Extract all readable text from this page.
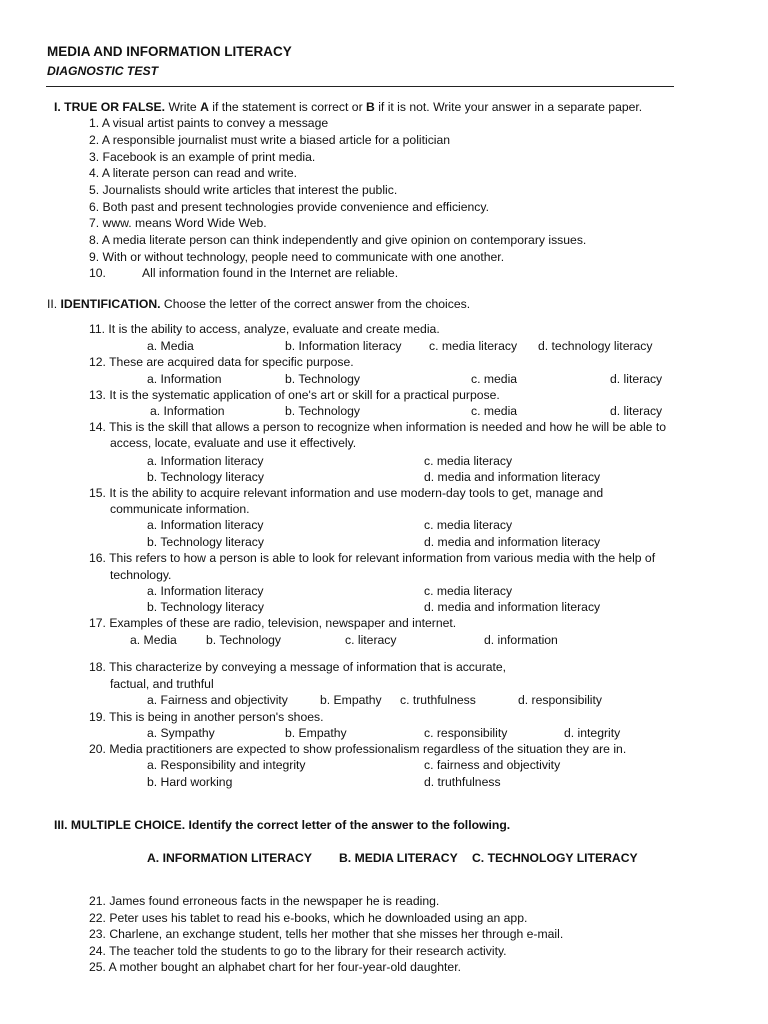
MEDIA AND INFORMATION LITERACY
DIAGNOSTIC TEST
I. TRUE OR FALSE. Write A if the statement is correct or B if it is not. Write your answer in a separate paper.
1. A visual artist paints to convey a message
2. A responsible journalist must write a biased article for a politician
3. Facebook is an example of print media.
4. A literate person can read and write.
5. Journalists should write articles that interest the public.
6. Both past and present technologies provide convenience and efficiency.
7. www. means Word Wide Web.
8. A media literate person can think independently and give opinion on contemporary issues.
9. With or without technology, people need to communicate with one another.
10.	All information found in the Internet are reliable.
II. IDENTIFICATION. Choose the letter of the correct answer from the choices.
11. It is the ability to access, analyze, evaluate and create media.
a. Media	b. Information literacy c. media literacy d. technology literacy
12. These are acquired data for specific purpose.
a. Information	b. Technology	c. media	d. literacy
13. It is the systematic application of one's art or skill for a practical purpose.
a. Information	b. Technology	c. media	d. literacy
14. This is the skill that allows a person to recognize when information is needed and how he will be able to
access, locate, evaluate and use it effectively.
a. Information literacy	c. media literacy
b. Technology literacy	d. media and information literacy
15. It is the ability to acquire relevant information and use modern-day tools to get, manage and
communicate information.
a. Information literacy	c. media literacy
b. Technology literacy	d. media and information literacy
16. This refers to how a person is able to look for relevant information from various media with the help of
technology.
a. Information literacy	c. media literacy
b. Technology literacy	d. media and information literacy
17. Examples of these are radio, television, newspaper and internet.
a. Media b. Technology	c. literacy	d. information
18. This characterize by conveying a message of information that is accurate,
factual, and truthful
a. Fairness and objectivity	b. Empathy c. truthfulness	d. responsibility
19. This is being in another person's shoes.
a. Sympathy	b. Empathy	c. responsibility	d. integrity
20. Media practitioners are expected to show professionalism regardless of the situation they are in.
a. Responsibility and integrity	c. fairness and objectivity
b. Hard working	d. truthfulness
III. MULTIPLE CHOICE. Identify the correct letter of the answer to the following.
A. INFORMATION LITERACY B. MEDIA LITERACY C. TECHNOLOGY LITERACY
21. James found erroneous facts in the newspaper he is reading.
22. Peter uses his tablet to read his e-books, which he downloaded using an app.
23. Charlene, an exchange student, tells her mother that she misses her through e-mail.
24. The teacher told the students to go to the library for their research activity.
25. A mother bought an alphabet chart for her four-year-old daughter.
